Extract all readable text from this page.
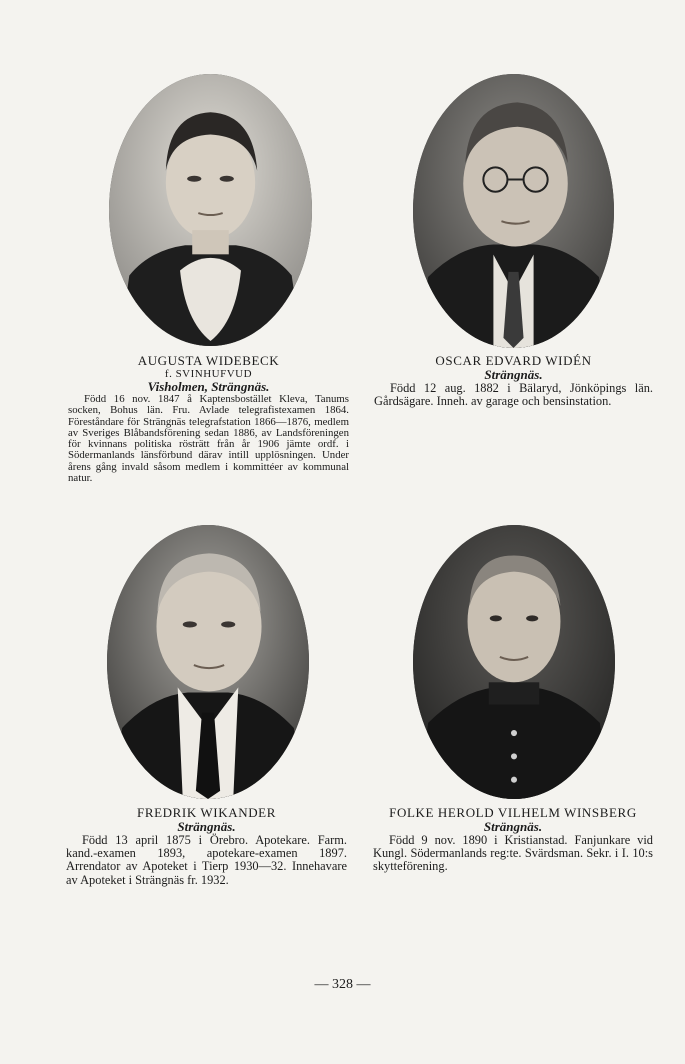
AUGUSTA WIDEBECK
f. SVINHUFVUD
Visholmen, Strängnäs.
Född 16 nov. 1847 å Kaptensbostället Kleva, Tanums socken, Bohus län. Fru. Avlade telegrafistexamen 1864. Föreståndare för Strängnäs telegrafstation 1866—1876, medlem av Sveriges Blåbandsförening sedan 1886, av Landsföreningen för kvinnans politiska rösträtt från år 1906 jämte ordf. i Södermanlands länsförbund därav intill upplösningen. Under årens gång invald såsom medlem i kommittéer av kommunal natur.
OSCAR EDVARD WIDÉN
Strängnäs.
Född 12 aug. 1882 i Bälaryd, Jönköpings län. Gårdsägare. Inneh. av garage och bensinstation.
FREDRIK WIKANDER
Strängnäs.
Född 13 april 1875 i Örebro. Apotekare. Farm. kand.-examen 1893, apotekare-examen 1897. Arrendator av Apoteket i Tierp 1930—32. Innehavare av Apoteket i Strängnäs fr. 1932.
FOLKE HEROLD VILHELM WINSBERG
Strängnäs.
Född 9 nov. 1890 i Kristianstad. Fanjunkare vid Kungl. Södermanlands reg:te. Svärdsman. Sekr. i I. 10:s skytteförening.
— 328 —
